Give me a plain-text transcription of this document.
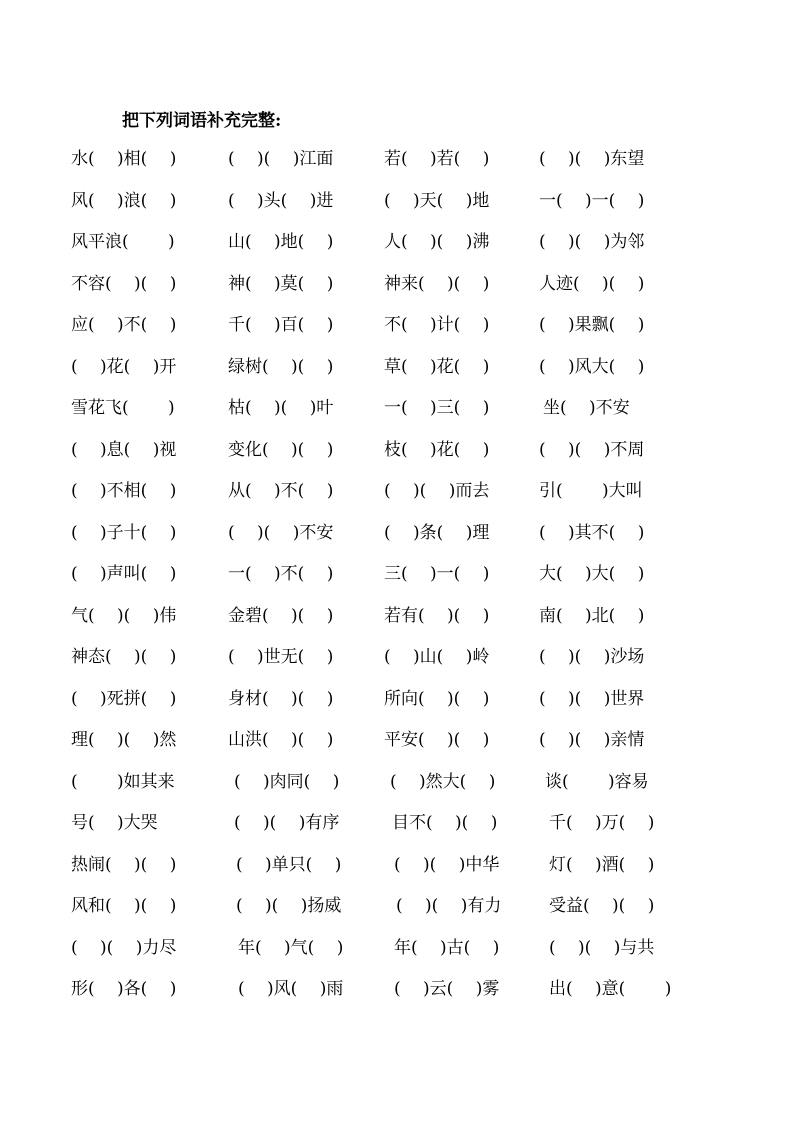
把下列词语补充完整:
水(　 )相(　 )	(　 )(　 )江面	若(　 )若(　 )	(　 )(　 )东望
风(　 )浪(　 )	(　 )头(　 )进	(　 )天(　 )地	一(　 )一(　 )
风平浪(　 　)	山(　 )地(　 )	人(　 )(　 )沸	(　 )(　 )为邻
不容(　 )(　 )	神(　 )莫(　 )	神来(　 )(　 )	人迹(　 )(　 )
应(　 )不(　 )	千(　 )百(　 )	不(　 )计(　 )	(　 )果飘(　 )
(　 )花(　 )开	绿树(　 )(　 )	草(　 )花(　 )	(　 )风大(　 )
雪花飞(　 　)	枯(　 )(　 )叶	一(　 )三(　 )	坐(　 )不安
(　 )息(　 )视	变化(　 )(　 )	枝(　 )花(　 )	(　 )(　 )不周
(　 )不相(　 )	从(　 )不(　 )	(　 )(　 )而去	引(　 　)大叫
(　 )子十(　 )	(　 )(　 )不安	(　 )条(　 )理	(　 )其不(　 )
(　 )声叫(　 )	一(　 )不(　 )	三(　 )一(　 )	大(　 )大(　 )
气(　 )(　 )伟	金碧(　 )(　 )	若有(　 )(　 )	南(　 )北(　 )
神态(　 )(　 )	(　 )世无(　 )	(　 )山(　 )岭	(　 )(　 )沙场
(　 )死拼(　 )	身材(　 )(　 )	所向(　 )(　 )	(　 )(　 )世界
理(　 )(　 )然	山洪(　 )(　 )	平安(　 )(　 )	(　 )(　 )亲情
(　 　)如其来	(　 )肉同(　 )	(　 )然大(　 )	谈(　 　)容易
号(　 )大哭	(　 )(　 )有序	目不(　 )(　 )	千(　 )万(　 )
热闹(　 )(　 )	(　 )单只(　 )	(　 )(　 )中华	灯(　 )酒(　 )
风和(　 )(　 )	(　 )(　 )扬威	(　 )(　 )有力	受益(　 )(　 )
(　 )(　 )力尽	年(　 )气(　 )	年(　 )古(　 )	(　 )(　 )与共
形(　 )各(　 )	(　 )风(　 )雨	(　 )云(　 )雾	出(　 )意(　 　)
